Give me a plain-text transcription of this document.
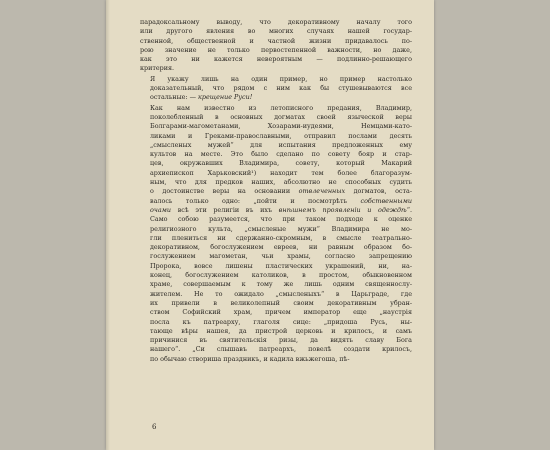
парадоксальному выводу, что декоративному началу того
или другого явления во многих случаях нашей государ-
ственной, общественной и частной жизни придавалось по-
рою значение не только первостепенной важности, но даже,
как это ни кажется невероятным — подлинно-решающего
критерия.
Я укажу лишь на один пример, но пример настолько
доказательный, что рядом с ним как бы стушевываются все
остальные: — крещение Руси!
Как нам известно из летописного предания, Владимир,
поколебленный в основных догматах своей языческой веры
Болгарами-магометанами, Хозарами-иудеями, Немцами-като-
ликами и Греками-православными, отправил послами десять
„смысленых мужей“ для испытания предложенных ему
культов на месте. Это было сделано по совету бояр и стар-
цев, окружавших Владимира, совету, который Макарий
архиепископ Харьковский¹) находит тем более благоразум-
ным, что для предков наших, абсолютно не способных судить
о достоинстве веры на основании отвлеченных догматов, оста-
валось только одно: „пойти и посмотрѣть собственными
очами всѣ эти религіи въ ихъ внѣшнемъ проявленіи и одеждѣ“.
Само собою разумеется, что при таком подходе к оценке
религиозного культа, „смысленые мужи“ Владимира не мо-
гли плениться ни сдержанно-скромным, в смысле театрально-
декоративном, богослужением евреев, ни равным образом бо-
гослужением магометан, чьи храмы, согласно запрещению
Пророка, вовсе лишены пластических украшений, ни, на-
конец, богослужением католиков, в простом, обыкновенном
храме, совершаемым к тому же лишь одним священнослу-
жителем. Не то ожидало „смысленыхъ“ в Царьграде, где
их привели в великолепный своим декоративным убран-
ством Софийский храм, причем император еще „наустрія
посла къ патреарху, глаголя сице: „придоша Русь, ны-
тающе вѣры нашея, да пристрой церковь и крилосъ, и самъ
причинися въ святительскія ризы, да видять славу Бога
нашего“. „Си слышавъ патреархъ, повелѣ создати крилосъ,
по обычаю створиша праздникъ, и кадила вжьжегоша, пѣ-
6
